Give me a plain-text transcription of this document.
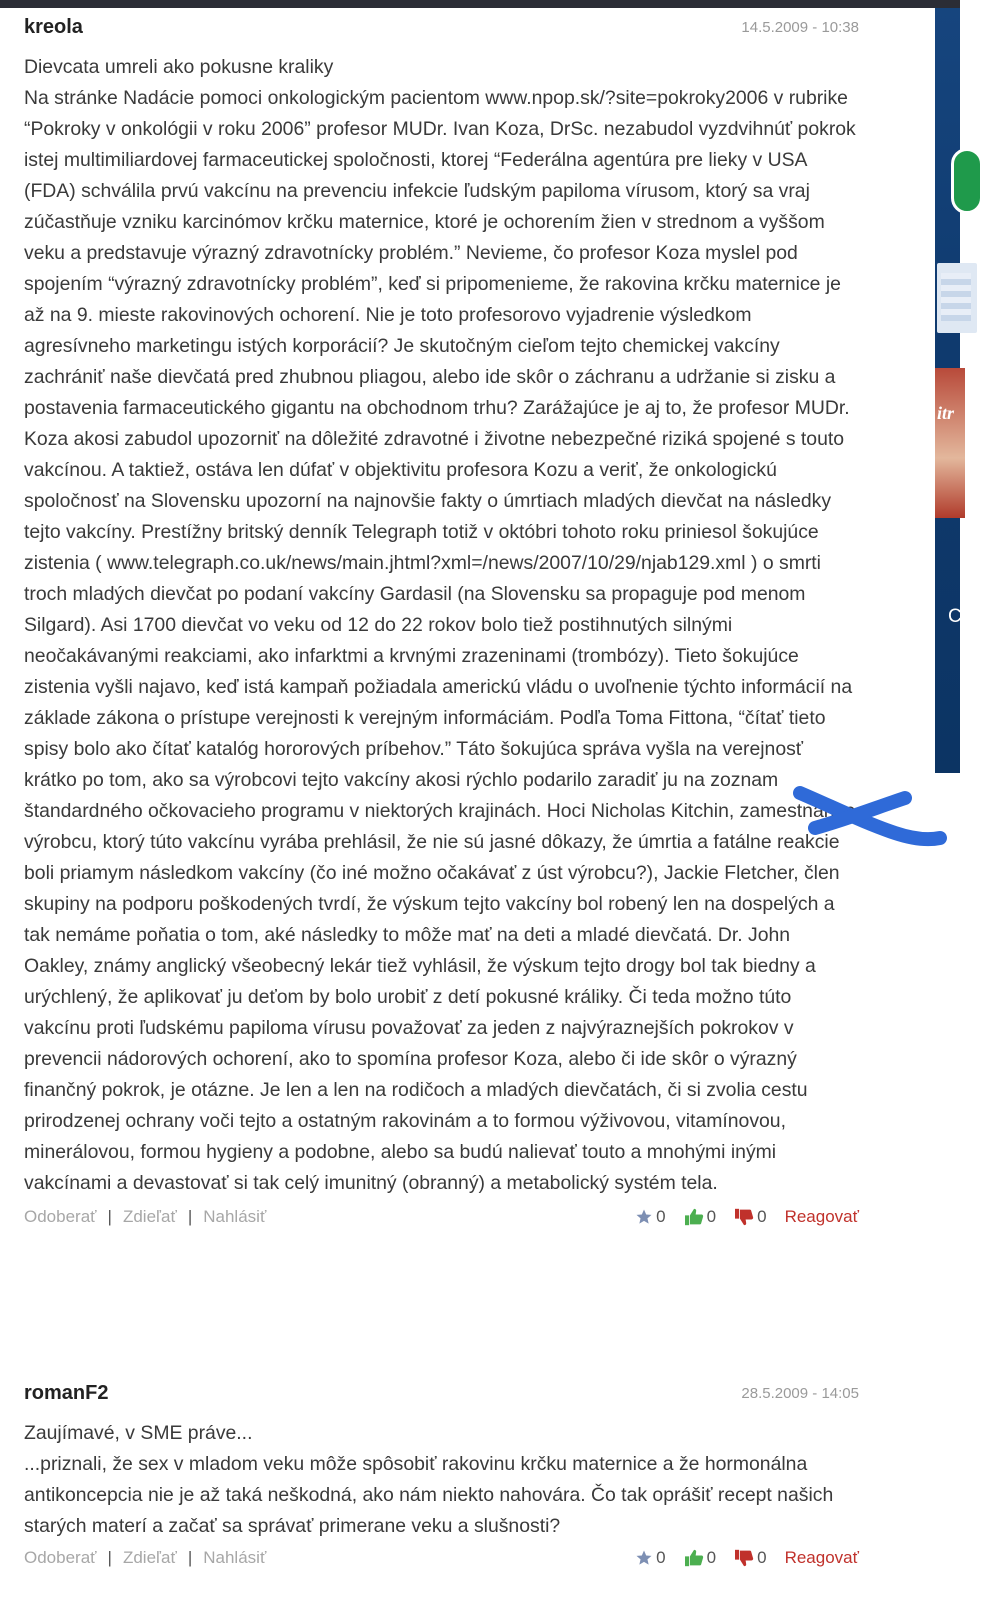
itr
C
kreola	14.5.2009 - 10:38
Dievcata umreli ako pokusne kraliky
Na stránke Nadácie pomoci onkologickým pacientom www.npop.sk/?site=pokroky2006 v rubrike “Pokroky v onkológii v roku 2006” profesor MUDr. Ivan Koza, DrSc. nezabudol vyzdvihnúť pokrok istej multimiliardovej farmaceutickej spoločnosti, ktorej “Federálna agentúra pre lieky v USA (FDA) schválila prvú vakcínu na prevenciu infekcie ľudským papiloma vírusom, ktorý sa vraj zúčastňuje vzniku karcinómov krčku maternice, ktoré je ochorením žien v strednom a vyššom veku a predstavuje výrazný zdravotnícky problém.” Nevieme, čo profesor Koza myslel pod spojením “výrazný zdravotnícky problém”, keď si pripomenieme, že rakovina krčku maternice je až na 9. mieste rakovinových ochorení. Nie je toto profesorovo vyjadrenie výsledkom agresívneho marketingu istých korporácií? Je skutočným cieľom tejto chemickej vakcíny zachrániť naše dievčatá pred zhubnou pliagou, alebo ide skôr o záchranu a udržanie si zisku a postavenia farmaceutického gigantu na obchodnom trhu? Zarážajúce je aj to, že profesor MUDr. Koza akosi zabudol upozorniť na dôležité zdravotné i životne nebezpečné riziká spojené s touto vakcínou. A taktiež, ostáva len dúfať v objektivitu profesora Kozu a veriť, že onkologickú spoločnosť na Slovensku upozorní na najnovšie fakty o úmrtiach mladých dievčat na následky tejto vakcíny. Prestížny britský denník Telegraph totiž v októbri tohoto roku priniesol šokujúce zistenia ( www.telegraph.co.uk/news/main.jhtml?xml=/news/2007/10/29/njab129.xml ) o smrti troch mladých dievčat po podaní vakcíny Gardasil (na Slovensku sa propaguje pod menom Silgard). Asi 1700 dievčat vo veku od 12 do 22 rokov bolo tiež postihnutých silnými neočakávanými reakciami, ako infarktmi a krvnými zrazeninami (trombózy). Tieto šokujúce zistenia vyšli najavo, keď istá kampaň požiadala americkú vládu o uvoľnenie týchto informácií na základe zákona o prístupe verejnosti k verejným informáciám. Podľa Toma Fittona, “čítať tieto spisy bolo ako čítať katalóg hororových príbehov.” Táto šokujúca správa vyšla na verejnosť krátko po tom, ako sa výrobcovi tejto vakcíny akosi rýchlo podarilo zaradiť ju na zoznam štandardného očkovacieho programu v niektorých krajinách. Hoci Nicholas Kitchin, zamestnanec výrobcu, ktorý túto vakcínu vyrába prehlásil, že nie sú jasné dôkazy, že úmrtia a fatálne reakcie boli priamym následkom vakcíny (čo iné možno očakávať z úst výrobcu?), Jackie Fletcher, člen skupiny na podporu poškodených tvrdí, že výskum tejto vakcíny bol robený len na dospelých a tak nemáme poňatia o tom, aké následky to môže mať na deti a mladé dievčatá. Dr. John Oakley, známy anglický všeobecný lekár tiež vyhlásil, že výskum tejto drogy bol tak biedny a urýchlený, že aplikovať ju deťom by bolo urobiť z detí pokusné králiky. Či teda možno túto vakcínu proti ľudskému papiloma vírusu považovať za jeden z najvýraznejších pokrokov v prevencii nádorových ochorení, ako to spomína profesor Koza, alebo či ide skôr o výrazný finančný pokrok, je otázne. Je len a len na rodičoch a mladých dievčatách, či si zvolia cestu prirodzenej ochrany voči tejto a ostatným rakovinám a to formou výživovou, vitamínovou, minerálovou, formou hygieny a podobne, alebo sa budú nalievať touto a mnohými inými vakcínami a devastovať si tak celý imunitný (obranný) a metabolický systém tela.
Odoberať | Zdieľať | Nahlásiť	0 0 0 Reagovať
romanF2	28.5.2009 - 14:05
Zaujímavé, v SME práve...
...priznali, že sex v mladom veku môže spôsobiť rakovinu krčku maternice a že hormonálna antikoncepcia nie je až taká neškodná, ako nám niekto nahovára. Čo tak oprášiť recept našich starých materí a začať sa správať primerane veku a slušnosti?
Odoberať | Zdieľať | Nahlásiť	0 0 0 Reagovať
